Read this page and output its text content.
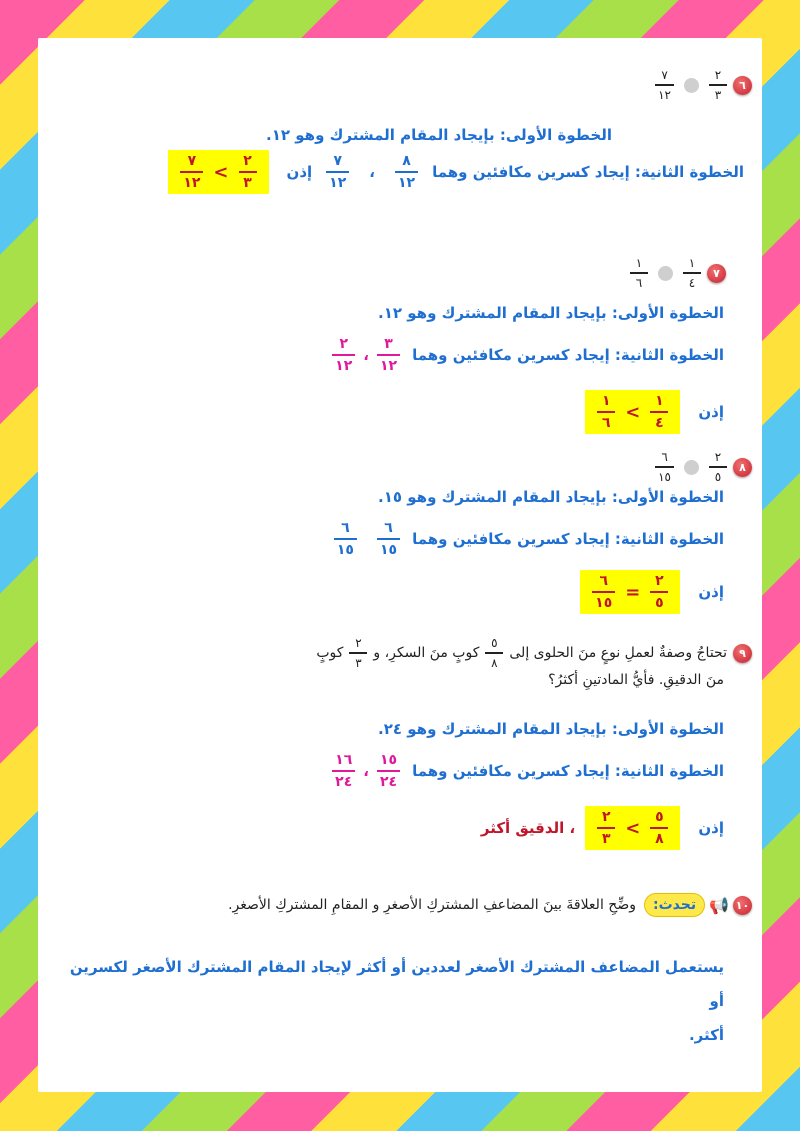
٦
$\frac{٢}{٣}$
$\frac{٧}{١٢}$
الخطوة الأولى: بإيجاد المقام المشترك وهو ١٢.
الخطوة الثانية: إيجاد كسرين مكافئين وهما
$\frac{٨}{١٢}$
،
$\frac{٧}{١٢}$
إذن
$\frac{٢}{٣}$
>
$\frac{٧}{١٢}$
٧
$\frac{١}{٤}$
$\frac{١}{٦}$
الخطوة الأولى: بإيجاد المقام المشترك وهو ١٢.
الخطوة الثانية: إيجاد كسرين مكافئين وهما
$\frac{٣}{١٢}$
،
$\frac{٢}{١٢}$
إذن
$\frac{١}{٤}$
>
$\frac{١}{٦}$
٨
$\frac{٢}{٥}$
$\frac{٦}{١٥}$
الخطوة الأولى: بإيجاد المقام المشترك وهو ١٥.
الخطوة الثانية: إيجاد كسرين مكافئين وهما
$\frac{٦}{١٥}$
$\frac{٦}{١٥}$
إذن
$\frac{٢}{٥}$
=
$\frac{٦}{١٥}$
٩
تحتاجُ وصفةٌ لعملِ نوعٍ منَ الحلوى إلى
$\frac{٥}{٨}$
كوبٍ منَ السكرِ، و
$\frac{٢}{٣}$
كوبٍ
منَ الدقيقِ. فأيُّ المادتينِ أكثرُ؟
الخطوة الأولى: بإيجاد المقام المشترك وهو ٢٤.
الخطوة الثانية: إيجاد كسرين مكافئين وهما
$\frac{١٥}{٢٤}$
،
$\frac{١٦}{٢٤}$
إذن
$\frac{٥}{٨}$
>
$\frac{٢}{٣}$
، الدقيق أكثر
١٠
📢
تحدث:
وضِّحِ العلاقةَ بينَ المضاعفِ المشتركِ الأصغرِ و المقامِ المشتركِ الأصغرِ.
يستعمل المضاعف المشترك الأصغر لعددين أو أكثر لإيجاد المقام المشترك الأصغر لكسرين أو
أكثر.
